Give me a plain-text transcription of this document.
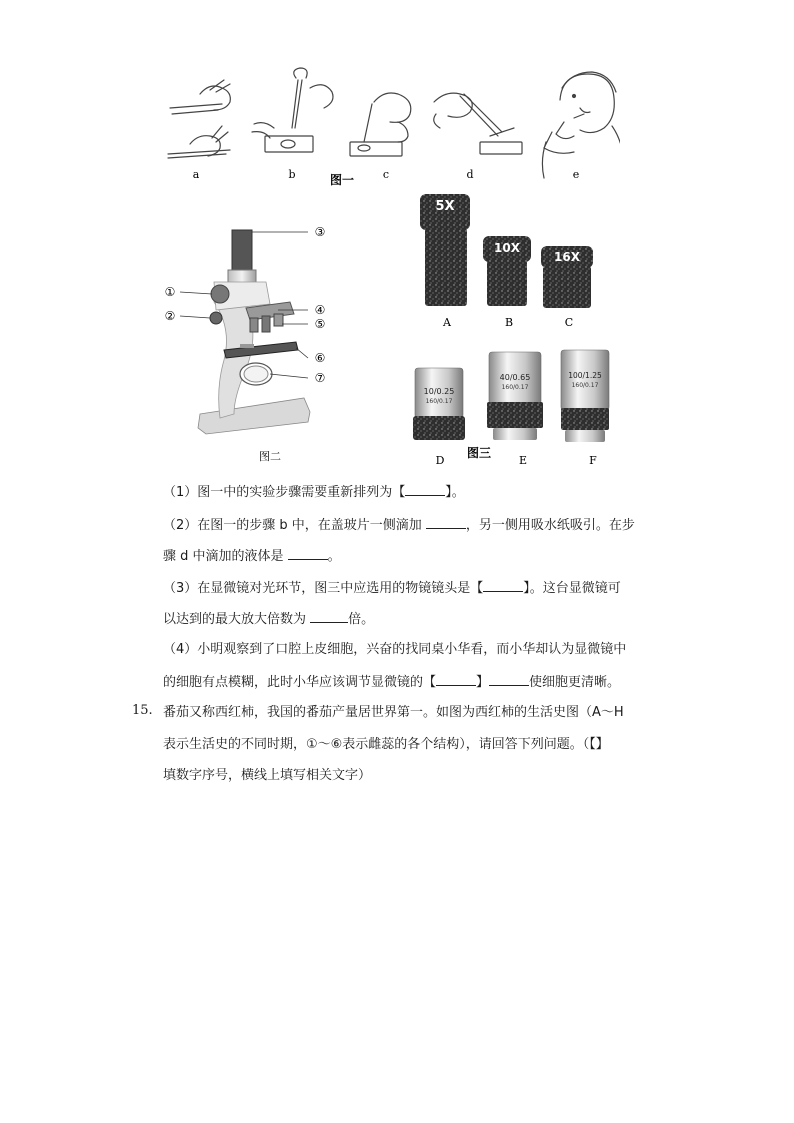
a	b	c	d	e
图一
③
①
②	④
⑤
⑥
⑦
图二
5X
10X
16X
A	B	C
10/0.25
160/0.17
40/0.65
160/0.17
100/1.25
160/0.17
D
图三
E	F
（1）图一中的实验步骤需要重新排列为【	】。
（2）在图一的步骤 b 中，在盖玻片一侧滴加	，另一侧用吸水纸吸引。在步
骤 d 中滴加的液体是	。
（3）在显微镜对光环节，图三中应选用的物镜镜头是【	】。这台显微镜可
以达到的最大放大倍数为	倍。
（4）小明观察到了口腔上皮细胞，兴奋的找同桌小华看，而小华却认为显微镜中
的细胞有点模糊，此时小华应该调节显微镜的【	】	使细胞更清晰。
15. 番茄又称西红柿，我国的番茄产量居世界第一。如图为西红柿的生活史图（A～H
表示生活史的不同时期，①～⑥表示雌蕊的各个结构），请回答下列问题。（【】
填数字序号，横线上填写相关文字）
